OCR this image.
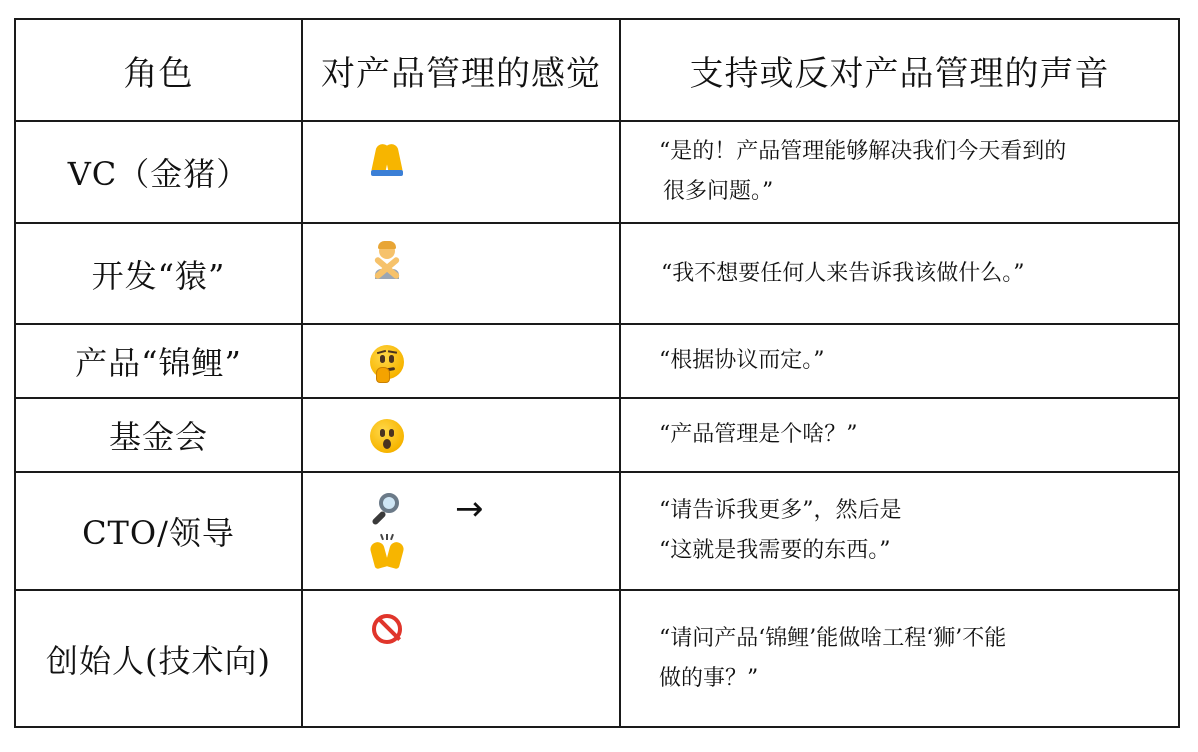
角色	对产品管理的感觉	支持或反对产品管理的声音
VC（金猪）		“是的！产品管理能够解决我们今天看到的
很多问题。”

开发“猿”		“我不想要任何人来告诉我该做什么。”

产品“锦鲤”		“根据协议而定。”

基金会		“产品管理是个啥？”

CTO/领导	→	“请告诉我更多”，然后是
“这就是我需要的东西。”

创始人(技术向)		“请问产品‘锦鲤’能做啥工程‘狮’不能
做的事？”
